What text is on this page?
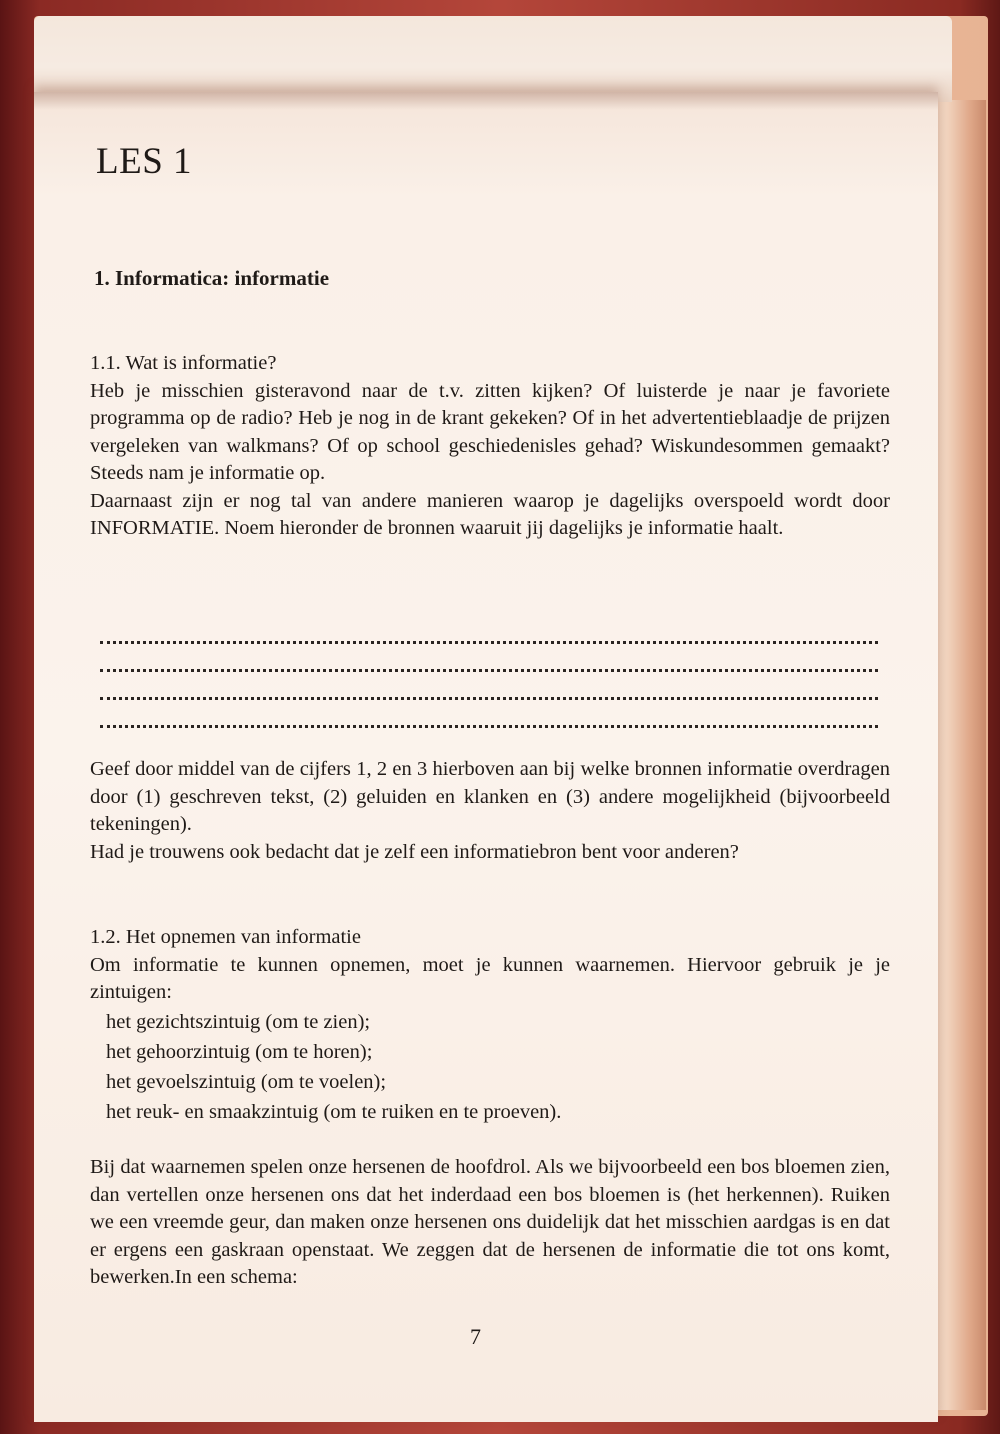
LES 1
1. Informatica: informatie
1.1. Wat is informatie?

Heb je misschien gisteravond naar de t.v. zitten kijken? Of luisterde je naar je favoriete programma op de radio? Heb je nog in de krant gekeken? Of in het advertentieblaadje de prijzen vergeleken van walkmans? Of op school geschiedenisles gehad? Wiskundesommen gemaakt? Steeds nam je informatie op.

Daarnaast zijn er nog tal van andere manieren waarop je dagelijks overspoeld wordt door INFORMATIE. Noem hieronder de bronnen waaruit jij dagelijks je informatie haalt.

Geef door middel van de cijfers 1, 2 en 3 hierboven aan bij welke bronnen informatie overdragen door (1) geschreven tekst, (2) geluiden en klanken en (3) andere mogelijkheid (bijvoorbeeld tekeningen).

Had je trouwens ook bedacht dat je zelf een informatiebron bent voor anderen?

1.2. Het opnemen van informatie

Om informatie te kunnen opnemen, moet je kunnen waarnemen. Hiervoor gebruik je je zintuigen:

het gezichtszintuig (om te zien);
het gehoorzintuig (om te horen);
het gevoelszintuig (om te voelen);
het reuk- en smaakzintuig (om te ruiken en te proeven).

Bij dat waarnemen spelen onze hersenen de hoofdrol. Als we bijvoorbeeld een bos bloemen zien, dan vertellen onze hersenen ons dat het inderdaad een bos bloemen is (het herkennen). Ruiken we een vreemde geur, dan maken onze hersenen ons duidelijk dat het misschien aardgas is en dat er ergens een gaskraan openstaat. We zeggen dat de hersenen de informatie die tot ons komt, bewerken.In een schema:

7
